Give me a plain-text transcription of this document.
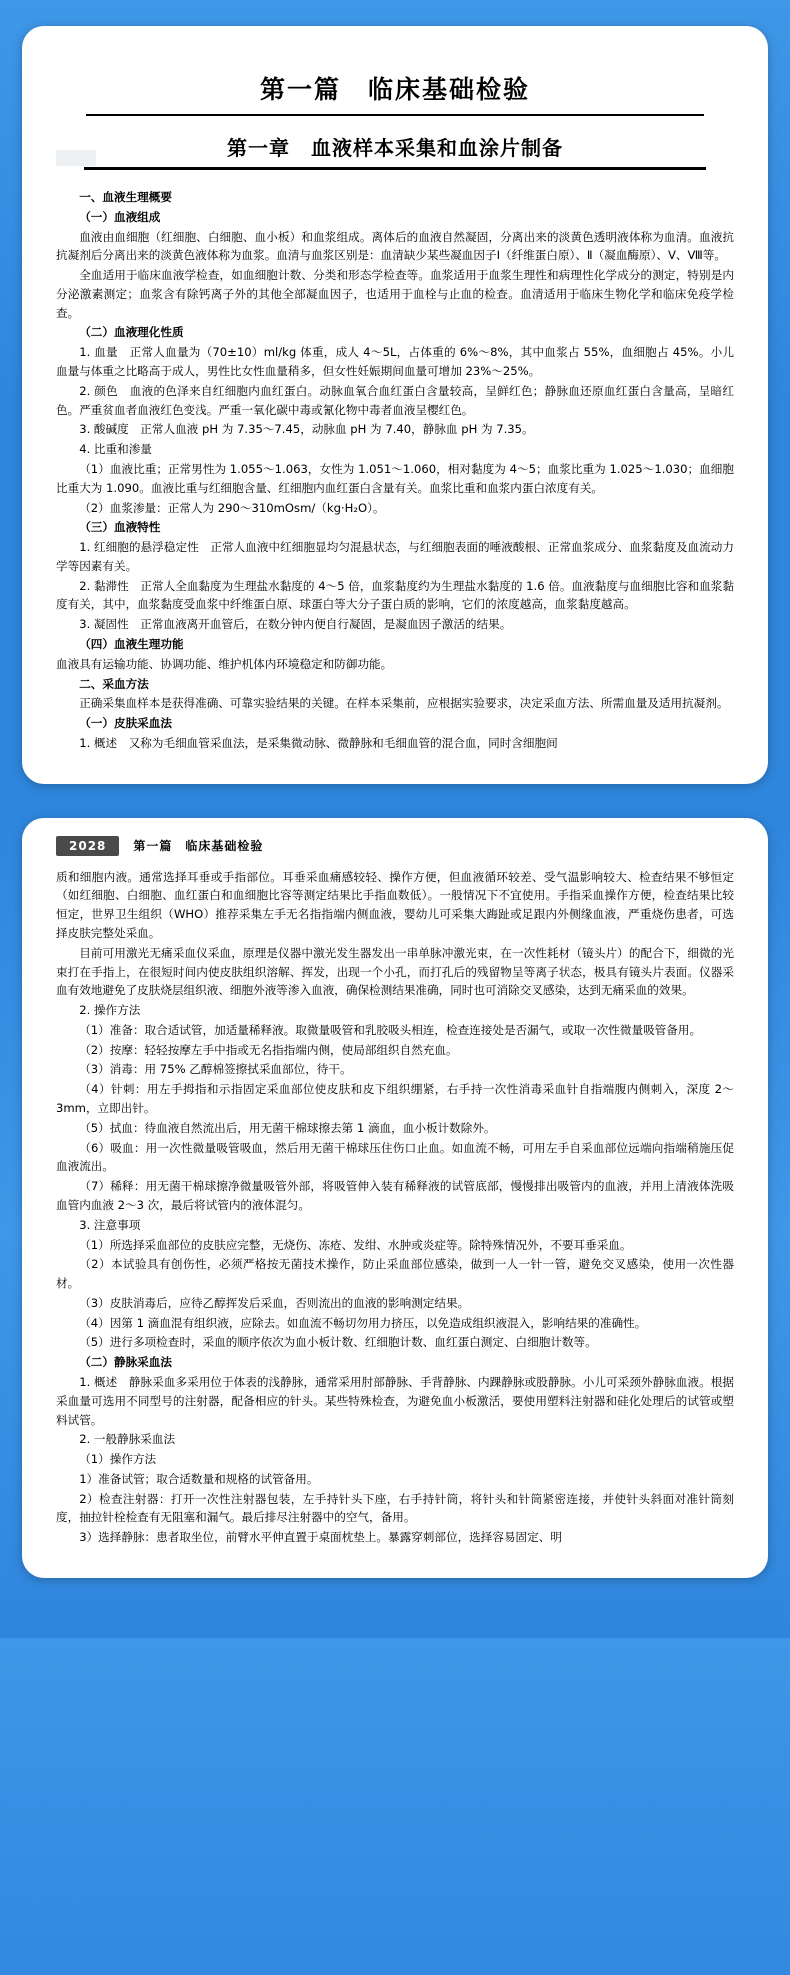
第一篇　临床基础检验
第一章　血液样本采集和血涂片制备

一、血液生理概要

（一）血液组成

血液由血细胞（红细胞、白细胞、血小板）和血浆组成。离体后的血液自然凝固，分离出来的淡黄色透明液体称为血清。血液抗抗凝剂后分离出来的淡黄色液体称为血浆。血清与血浆区别是：血清缺少某些凝血因子Ⅰ（纤维蛋白原）、Ⅱ（凝血酶原）、Ⅴ、Ⅷ等。

全血适用于临床血液学检查，如血细胞计数、分类和形态学检查等。血浆适用于血浆生理性和病理性化学成分的测定，特别是内分泌激素测定；血浆含有除钙离子外的其他全部凝血因子，也适用于血栓与止血的检查。血清适用于临床生物化学和临床免疫学检查。

（二）血液理化性质

1. 血量　正常人血量为（70±10）ml/kg 体重，成人 4～5L，占体重的 6%～8%，其中血浆占 55%，血细胞占 45%。小儿血量与体重之比略高于成人，男性比女性血量稍多，但女性妊娠期间血量可增加 23%～25%。

2. 颜色　血液的色泽来自红细胞内血红蛋白。动脉血氧合血红蛋白含量较高，呈鲜红色；静脉血还原血红蛋白含量高，呈暗红色。严重贫血者血液红色变浅。严重一氧化碳中毒或氰化物中毒者血液呈樱红色。

3. 酸碱度　正常人血液 pH 为 7.35～7.45，动脉血 pH 为 7.40，静脉血 pH 为 7.35。

4. 比重和渗量

（1）血液比重；正常男性为 1.055～1.063，女性为 1.051～1.060，相对黏度为 4～5；血浆比重为 1.025～1.030；血细胞比重大为 1.090。血液比重与红细胞含量、红细胞内血红蛋白含量有关。血浆比重和血浆内蛋白浓度有关。

（2）血浆渗量：正常人为 290～310mOsm/（kg·H₂O）。

（三）血液特性

1. 红细胞的悬浮稳定性　正常人血液中红细胞显均匀混悬状态，与红细胞表面的唾液酸根、正常血浆成分、血浆黏度及血流动力学等因素有关。

2. 黏滞性　正常人全血黏度为生理盐水黏度的 4～5 倍，血浆黏度约为生理盐水黏度的 1.6 倍。血液黏度与血细胞比容和血浆黏度有关，其中，血浆黏度受血浆中纤维蛋白原、球蛋白等大分子蛋白质的影响，它们的浓度越高，血浆黏度越高。

3. 凝固性　正常血液离开血管后，在数分钟内便自行凝固，是凝血因子激活的结果。

（四）血液生理功能

血液具有运输功能、协调功能、维护机体内环境稳定和防御功能。

二、采血方法

正确采集血样本是获得准确、可靠实验结果的关键。在样本采集前，应根据实验要求，决定采血方法、所需血量及适用抗凝剂。

（一）皮肤采血法

1. 概述　又称为毛细血管采血法，是采集微动脉、微静脉和毛细血管的混合血，同时含细胞间

2028	第一篇　临床基础检验

质和细胞内液。通常选择耳垂或手指部位。耳垂采血痛感较轻、操作方便，但血液循环较差、受气温影响较大、检查结果不够恒定（如红细胞、白细胞、血红蛋白和血细胞比容等测定结果比手指血数低）。一般情况下不宜使用。手指采血操作方便，检查结果比较恒定，世界卫生组织（WHO）推荐采集左手无名指指端内侧血液，婴幼儿可采集大踇趾或足跟内外侧缘血液，严重烧伤患者，可选择皮肤完整处采血。

目前可用激光无痛采血仪采血，原理是仪器中激光发生器发出一串单脉冲激光束，在一次性耗材（镜头片）的配合下，细微的光束打在手指上，在很短时间内使皮肤组织溶解、挥发，出现一个小孔，而打孔后的残留物呈等离子状态，极具有镜头片表面。仪器采血有效地避免了皮肤烧层组织液、细胞外液等渗入血液，确保检测结果准确，同时也可消除交叉感染，达到无痛采血的效果。

2. 操作方法

（1）准备：取合适试管，加适量稀释液。取微量吸管和乳胶吸头相连，检查连接处是否漏气，或取一次性微量吸管备用。

（2）按摩：轻轻按摩左手中指或无名指指端内侧，使局部组织自然充血。

（3）消毒：用 75% 乙醇棉签擦拭采血部位，待干。

（4）针刺：用左手拇指和示指固定采血部位使皮肤和皮下组织绷紧，右手持一次性消毒采血针自指端腹内侧刺入，深度 2～3mm，立即出针。

（5）拭血：待血液自然流出后，用无菌干棉球擦去第 1 滴血，血小板计数除外。

（6）吸血：用一次性微量吸管吸血，然后用无菌干棉球压住伤口止血。如血流不畅，可用左手自采血部位远端向指端稍施压促血液流出。

（7）稀释：用无菌干棉球擦净微量吸管外部，将吸管伸入装有稀释液的试管底部，慢慢排出吸管内的血液，并用上清液体洗吸血管内血液 2～3 次，最后将试管内的液体混匀。

3. 注意事项

（1）所选择采血部位的皮肤应完整，无烧伤、冻疮、发绀、水肿或炎症等。除特殊情况外，不要耳垂采血。

（2）本试验具有创伤性，必须严格按无菌技术操作，防止采血部位感染，做到一人一针一管，避免交叉感染，使用一次性器材。

（3）皮肤消毒后，应待乙醇挥发后采血，否则流出的血液的影响测定结果。

（4）因第 1 滴血混有组织液，应除去。如血流不畅切勿用力挤压，以免造成组织液混入，影响结果的准确性。

（5）进行多项检查时，采血的顺序依次为血小板计数、红细胞计数、血红蛋白测定、白细胞计数等。

（二）静脉采血法

1. 概述　静脉采血多采用位于体表的浅静脉，通常采用肘部静脉、手背静脉、内踝静脉或股静脉。小儿可采颈外静脉血液。根据采血量可选用不同型号的注射器，配备相应的针头。某些特殊检查，为避免血小板激活，要使用塑料注射器和硅化处理后的试管或塑料试管。

2. 一般静脉采血法

（1）操作方法

1）准备试管；取合适数量和规格的试管备用。

2）检查注射器：打开一次性注射器包装，左手持针头下座，右手持针筒，将针头和针筒紧密连接，并使针头斜面对准针筒刻度，抽拉针栓检查有无阻塞和漏气。最后排尽注射器中的空气，备用。

3）选择静脉：患者取坐位，前臂水平伸直置于桌面枕垫上。暴露穿刺部位，选择容易固定、明
